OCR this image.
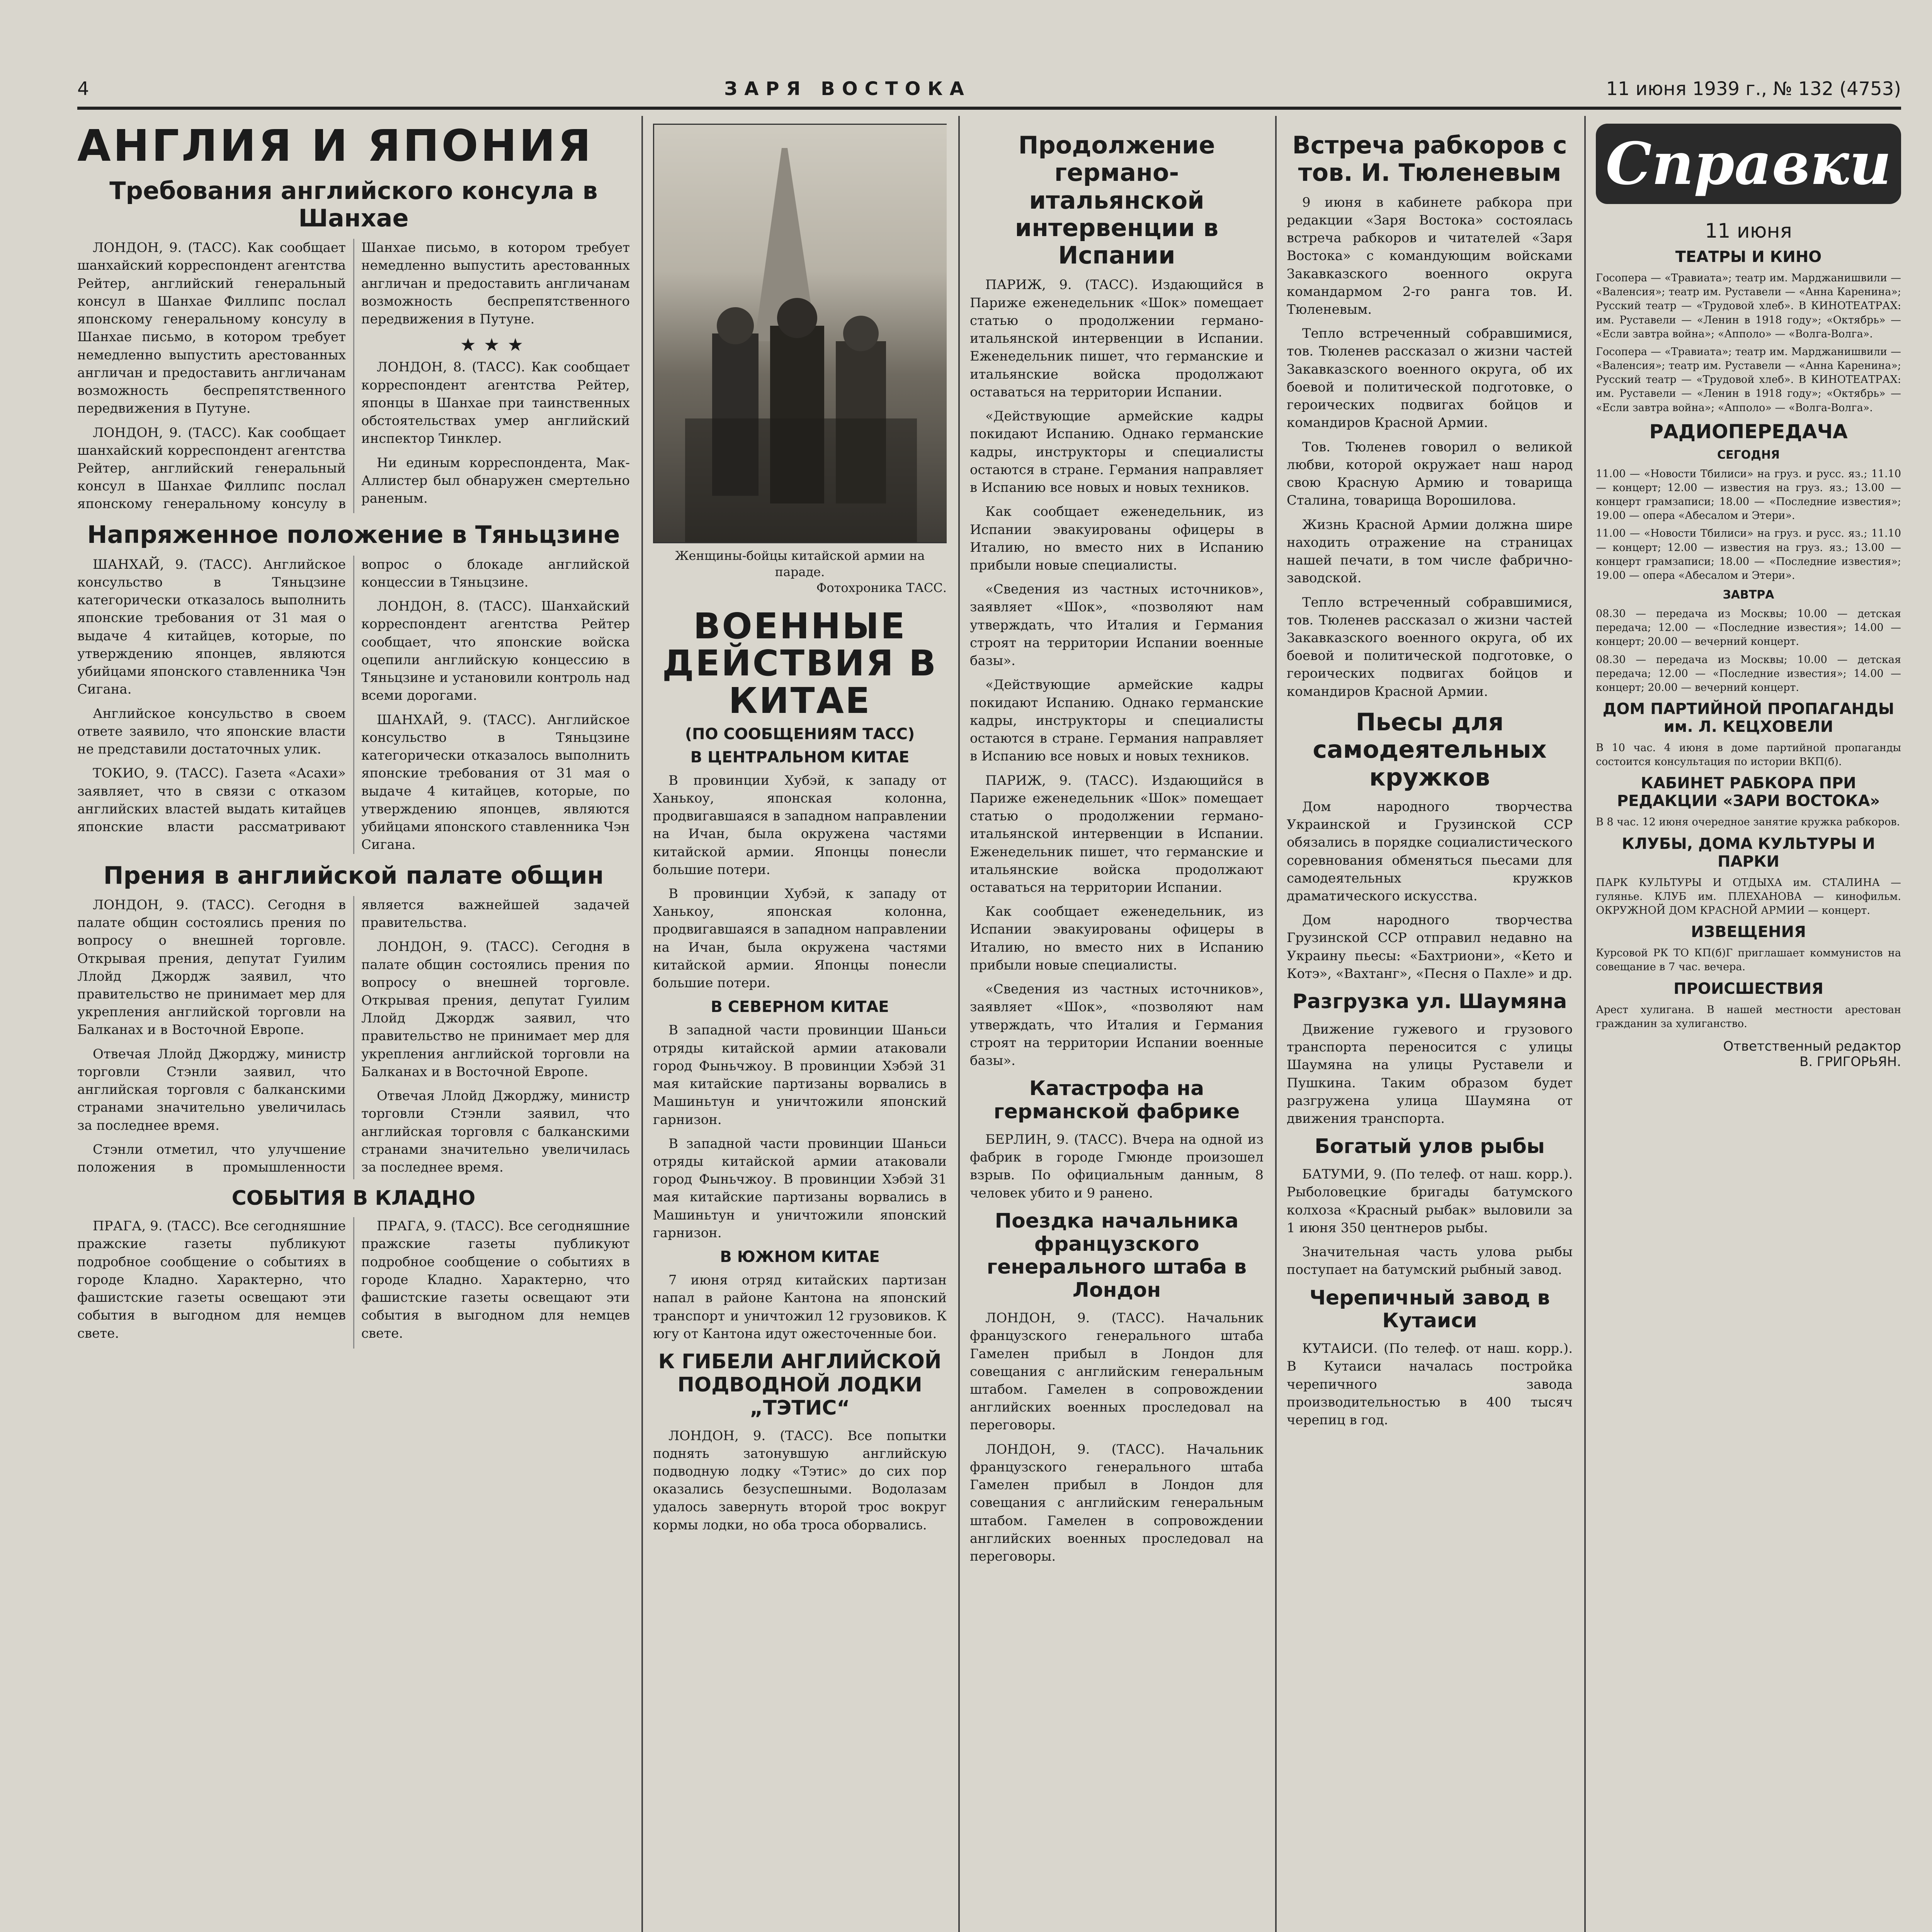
4	ЗАРЯ ВОСТОКА	11 июня 1939 г., № 132 (4753)
АНГЛИЯ И ЯПОНИЯ
Требования английского консула в Шанхае

ЛОНДОН, 9. (ТАСС). Как сообщает шанхайский корреспондент агентства Рейтер, английский генеральный консул в Шанхае Филлипс послал японскому генеральному консулу в Шанхае письмо, в котором требует немедленно выпустить арестованных англичан и предоставить англичанам возможность беспрепятственного передвижения в Путуне.

ЛОНДОН, 9. (ТАСС). Как сообщает шанхайский корреспондент агентства Рейтер, английский генеральный консул в Шанхае Филлипс послал японскому генеральному консулу в Шанхае письмо, в котором требует немедленно выпустить арестованных англичан и предоставить англичанам возможность беспрепятственного передвижения в Путуне.

★★★

ЛОНДОН, 8. (ТАСС). Как сообщает корреспондент агентства Рейтер, японцы в Шанхае при таинственных обстоятельствах умер английский инспектор Тинклер.

Ни единым корреспондента, Мак-Аллистер был обнаружен смертельно раненым.

Напряженное положение в Тяньцзине

ШАНХАЙ, 9. (ТАСС). Английское консульство в Тяньцзине категорически отказалось выполнить японские требования от 31 мая о выдаче 4 китайцев, которые, по утверждению японцев, являются убийцами японского ставленника Чэн Сигана.

Английское консульство в своем ответе заявило, что японские власти не представили достаточных улик.

ТОКИО, 9. (ТАСС). Газета «Асахи» заявляет, что в связи с отказом английских властей выдать китайцев японские власти рассматривают вопрос о блокаде английской концессии в Тяньцзине.

ЛОНДОН, 8. (ТАСС). Шанхайский корреспондент агентства Рейтер сообщает, что японские войска оцепили английскую концессию в Тяньцзине и установили контроль над всеми дорогами.

ШАНХАЙ, 9. (ТАСС). Английское консульство в Тяньцзине категорически отказалось выполнить японские требования от 31 мая о выдаче 4 китайцев, которые, по утверждению японцев, являются убийцами японского ставленника Чэн Сигана.

Прения в английской палате общин

ЛОНДОН, 9. (ТАСС). Сегодня в палате общин состоялись прения по вопросу о внешней торговле. Открывая прения, депутат Гуилим Ллойд Джордж заявил, что правительство не принимает мер для укрепления английской торговли на Балканах и в Восточной Европе.

Отвечая Ллойд Джорджу, министр торговли Стэнли заявил, что английская торговля с балканскими странами значительно увеличилась за последнее время.

Стэнли отметил, что улучшение положения в промышленности является важнейшей задачей правительства.

ЛОНДОН, 9. (ТАСС). Сегодня в палате общин состоялись прения по вопросу о внешней торговле. Открывая прения, депутат Гуилим Ллойд Джордж заявил, что правительство не принимает мер для укрепления английской торговли на Балканах и в Восточной Европе.

Отвечая Ллойд Джорджу, министр торговли Стэнли заявил, что английская торговля с балканскими странами значительно увеличилась за последнее время.

СОБЫТИЯ В КЛАДНО

ПРАГА, 9. (ТАСС). Все сегодняшние пражские газеты публикуют подробное сообщение о событиях в городе Кладно. Характерно, что фашистские газеты освещают эти события в выгодном для немцев свете.

ПРАГА, 9. (ТАСС). Все сегодняшние пражские газеты публикуют подробное сообщение о событиях в городе Кладно. Характерно, что фашистские газеты освещают эти события в выгодном для немцев свете.

Женщины-бойцы китайской армии на параде.
Фотохроника ТАСС.
ВОЕННЫЕ ДЕЙСТВИЯ В КИТАЕ
(ПО СООБЩЕНИЯМ ТАСС)
В ЦЕНТРАЛЬНОМ КИТАЕ

В провинции Хубэй, к западу от Ханькоу, японская колонна, продвигавшаяся в западном направлении на Ичан, была окружена частями китайской армии. Японцы понесли большие потери.

В провинции Хубэй, к западу от Ханькоу, японская колонна, продвигавшаяся в западном направлении на Ичан, была окружена частями китайской армии. Японцы понесли большие потери.

В СЕВЕРНОМ КИТАЕ

В западной части провинции Шаньси отряды китайской армии атаковали город Фыньчжоу. В провинции Хэбэй 31 мая китайские партизаны ворвались в Машиньтун и уничтожили японский гарнизон.

В западной части провинции Шаньси отряды китайской армии атаковали город Фыньчжоу. В провинции Хэбэй 31 мая китайские партизаны ворвались в Машиньтун и уничтожили японский гарнизон.

В ЮЖНОМ КИТАЕ

7 июня отряд китайских партизан напал в районе Кантона на японский транспорт и уничтожил 12 грузовиков. К югу от Кантона идут ожесточенные бои.

К ГИБЕЛИ АНГЛИЙСКОЙ ПОДВОДНОЙ ЛОДКИ „ТЭТИС“

ЛОНДОН, 9. (ТАСС). Все попытки поднять затонувшую английскую подводную лодку «Тэтис» до сих пор оказались безуспешными. Водолазам удалось завернуть второй трос вокруг кормы лодки, но оба троса оборвались.

Продолжение германо-итальянской интервенции в Испании

ПАРИЖ, 9. (ТАСС). Издающийся в Париже еженедельник «Шок» помещает статью о продолжении германо-итальянской интервенции в Испании. Еженедельник пишет, что германские и итальянские войска продолжают оставаться на территории Испании.

«Действующие армейские кадры покидают Испанию. Однако германские кадры, инструкторы и специалисты остаются в стране. Германия направляет в Испанию все новых и новых техников.

Как сообщает еженедельник, из Испании эвакуированы офицеры в Италию, но вместо них в Испанию прибыли новые специалисты.

«Сведения из частных источников», заявляет «Шок», «позволяют нам утверждать, что Италия и Германия строят на территории Испании военные базы».

«Действующие армейские кадры покидают Испанию. Однако германские кадры, инструкторы и специалисты остаются в стране. Германия направляет в Испанию все новых и новых техников.

ПАРИЖ, 9. (ТАСС). Издающийся в Париже еженедельник «Шок» помещает статью о продолжении германо-итальянской интервенции в Испании. Еженедельник пишет, что германские и итальянские войска продолжают оставаться на территории Испании.

Как сообщает еженедельник, из Испании эвакуированы офицеры в Италию, но вместо них в Испанию прибыли новые специалисты.

«Сведения из частных источников», заявляет «Шок», «позволяют нам утверждать, что Италия и Германия строят на территории Испании военные базы».

Катастрофа на германской фабрике

БЕРЛИН, 9. (ТАСС). Вчера на одной из фабрик в городе Гмюнде произошел взрыв. По официальным данным, 8 человек убито и 9 ранено.

Поездка начальника французского генерального штаба в Лондон

ЛОНДОН, 9. (ТАСС). Начальник французского генерального штаба Гамелен прибыл в Лондон для совещания с английским генеральным штабом. Гамелен в сопровождении английских военных проследовал на переговоры.

ЛОНДОН, 9. (ТАСС). Начальник французского генерального штаба Гамелен прибыл в Лондон для совещания с английским генеральным штабом. Гамелен в сопровождении английских военных проследовал на переговоры.

Встреча рабкоров с тов. И. Тюленевым

9 июня в кабинете рабкора при редакции «Заря Востока» состоялась встреча рабкоров и читателей «Заря Востока» с командующим войсками Закавказского военного округа командармом 2-го ранга тов. И. Тюленевым.

Тепло встреченный собравшимися, тов. Тюленев рассказал о жизни частей Закавказского военного округа, об их боевой и политической подготовке, о героических подвигах бойцов и командиров Красной Армии.

Тов. Тюленев говорил о великой любви, которой окружает наш народ свою Красную Армию и товарища Сталина, товарища Ворошилова.

Жизнь Красной Армии должна шире находить отражение на страницах нашей печати, в том числе фабрично-заводской.

Тепло встреченный собравшимися, тов. Тюленев рассказал о жизни частей Закавказского военного округа, об их боевой и политической подготовке, о героических подвигах бойцов и командиров Красной Армии.

Пьесы для самодеятельных кружков

Дом народного творчества Украинской и Грузинской ССР обязались в порядке социалистического соревнования обменяться пьесами для самодеятельных кружков драматического искусства.

Дом народного творчества Грузинской ССР отправил недавно на Украину пьесы: «Бахтриони», «Кето и Котэ», «Вахтанг», «Песня о Пахле» и др.

Разгрузка ул. Шаумяна

Движение гужевого и грузового транспорта переносится с улицы Шаумяна на улицы Руставели и Пушкина. Таким образом будет разгружена улица Шаумяна от движения транспорта.

Богатый улов рыбы

БАТУМИ, 9. (По телеф. от наш. корр.). Рыболовецкие бригады батумского колхоза «Красный рыбак» выловили за 1 июня 350 центнеров рыбы.

Значительная часть улова рыбы поступает на батумский рыбный завод.

Черепичный завод в Кутаиси

КУТАИСИ. (По телеф. от наш. корр.). В Кутаиси началась постройка черепичного завода производительностью в 400 тысяч черепиц в год.

Справки
11 июня
ТЕАТРЫ И КИНО

Госопера — «Травиата»; театр им. Марджанишвили — «Валенсия»; театр им. Руставели — «Анна Каренина»; Русский театр — «Трудовой хлеб». В КИНОТЕАТРАХ: им. Руставели — «Ленин в 1918 году»; «Октябрь» — «Если завтра война»; «Апполо» — «Волга-Волга».

Госопера — «Травиата»; театр им. Марджанишвили — «Валенсия»; театр им. Руставели — «Анна Каренина»; Русский театр — «Трудовой хлеб». В КИНОТЕАТРАХ: им. Руставели — «Ленин в 1918 году»; «Октябрь» — «Если завтра война»; «Апполо» — «Волга-Волга».

РАДИОПЕРЕДАЧА
СЕГОДНЯ

11.00 — «Новости Тбилиси» на груз. и русс. яз.; 11.10 — концерт; 12.00 — известия на груз. яз.; 13.00 — концерт грамзаписи; 18.00 — «Последние известия»; 19.00 — опера «Абесалом и Этери».

11.00 — «Новости Тбилиси» на груз. и русс. яз.; 11.10 — концерт; 12.00 — известия на груз. яз.; 13.00 — концерт грамзаписи; 18.00 — «Последние известия»; 19.00 — опера «Абесалом и Этери».

ЗАВТРА

08.30 — передача из Москвы; 10.00 — детская передача; 12.00 — «Последние известия»; 14.00 — концерт; 20.00 — вечерний концерт.

08.30 — передача из Москвы; 10.00 — детская передача; 12.00 — «Последние известия»; 14.00 — концерт; 20.00 — вечерний концерт.

ДОМ ПАРТИЙНОЙ ПРОПАГАНДЫ им. Л. КЕЦХОВЕЛИ

В 10 час. 4 июня в доме партийной пропаганды состоится консультация по истории ВКП(б).

КАБИНЕТ РАБКОРА ПРИ РЕДАКЦИИ «ЗАРИ ВОСТОКА»

В 8 час. 12 июня очередное занятие кружка рабкоров.

КЛУБЫ, ДОМА КУЛЬТУРЫ И ПАРКИ

ПАРК КУЛЬТУРЫ И ОТДЫХА им. СТАЛИНА — гулянье. КЛУБ им. ПЛЕХАНОВА — кинофильм. ОКРУЖНОЙ ДОМ КРАСНОЙ АРМИИ — концерт.

ИЗВЕЩЕНИЯ

Курсовой РК ТО КП(б)Г приглашает коммунистов на совещание в 7 час. вечера.

ПРОИСШЕСТВИЯ

Арест хулигана. В нашей местности арестован гражданин за хулиганство.

Ответственный редактор
В. ГРИГОРЬЯН.
